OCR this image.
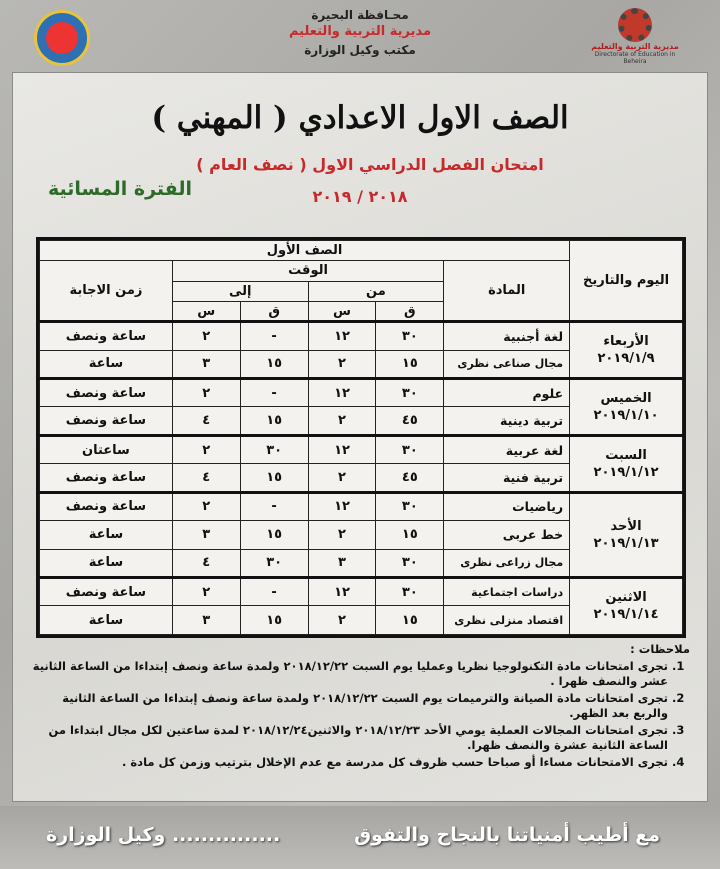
محـافظة البحيرة
مديرية التربية والتعليم
مكتب وكيل الوزارة	مديرية التربية والتعليم
Directorate of Education in Beheira
الصف الاول الاعدادي ( المهني )
امتحان الفصل الدراسي الاول ( نصف العام )
٢٠١٨ / ٢٠١٩
الفترة المسائية
اليوم والتاريخ	الصف الأول					
	المادة	الوقت				زمن الاجابة
		من		إلى		
		ق	س	ق	س	

الأربعاء
٢٠١٩/١/٩	لغة أجنبية	٣٠	١٢	-	٢	ساعة ونصف
	مجال صناعى نظرى	١٥	٢	١٥	٣	ساعة

الخميس
٢٠١٩/١/١٠	علوم	٣٠	١٢	-	٢	ساعة ونصف
	تربية دينية	٤٥	٢	١٥	٤	ساعة ونصف

السبت
٢٠١٩/١/١٢	لغة عربية	٣٠	١٢	٣٠	٢	ساعتان
	تربية فنية	٤٥	٢	١٥	٤	ساعة ونصف

الأحد
٢٠١٩/١/١٣	رياضيات	٣٠	١٢	-	٢	ساعة ونصف
	خط عربى	١٥	٢	١٥	٣	ساعة
	مجال زراعى نظرى	٣٠	٣	٣٠	٤	ساعة

الاثنين
٢٠١٩/١/١٤	دراسات اجتماعية	٣٠	١٢	-	٢	ساعة ونصف
	اقتصاد منزلى نظرى	١٥	٢	١٥	٣	ساعة
ملاحظات :
1. تجرى امتحانات مادة التكنولوجيا نظريا وعمليا يوم السبت ٢٠١٨/١٢/٢٢ ولمدة ساعة ونصف إبتداءا من الساعة الثانية عشر والنصف ظهرا .
2. تجرى امتحانات مادة الصيانة والترميمات يوم السبت ٢٠١٨/١٢/٢٢ ولمدة ساعة ونصف إبتداءا من الساعة الثانية والربع بعد الظهر.
3. تجرى امتحانات المجالات العملية يومي الأحد ٢٠١٨/١٢/٢٣ والاثنين٢٠١٨/١٢/٢٤ لمدة ساعتين لكل مجال ابتداءا من الساعة الثانية عشرة والنصف ظهرا.
4. تجرى الامتحانات مساءا أو صباحا حسب ظروف كل مدرسة مع عدم الإخلال بترتيب وزمن كل مادة .
مع أطيب أمنياتنا بالنجاح والتفوق
............... وكيل الوزارة
